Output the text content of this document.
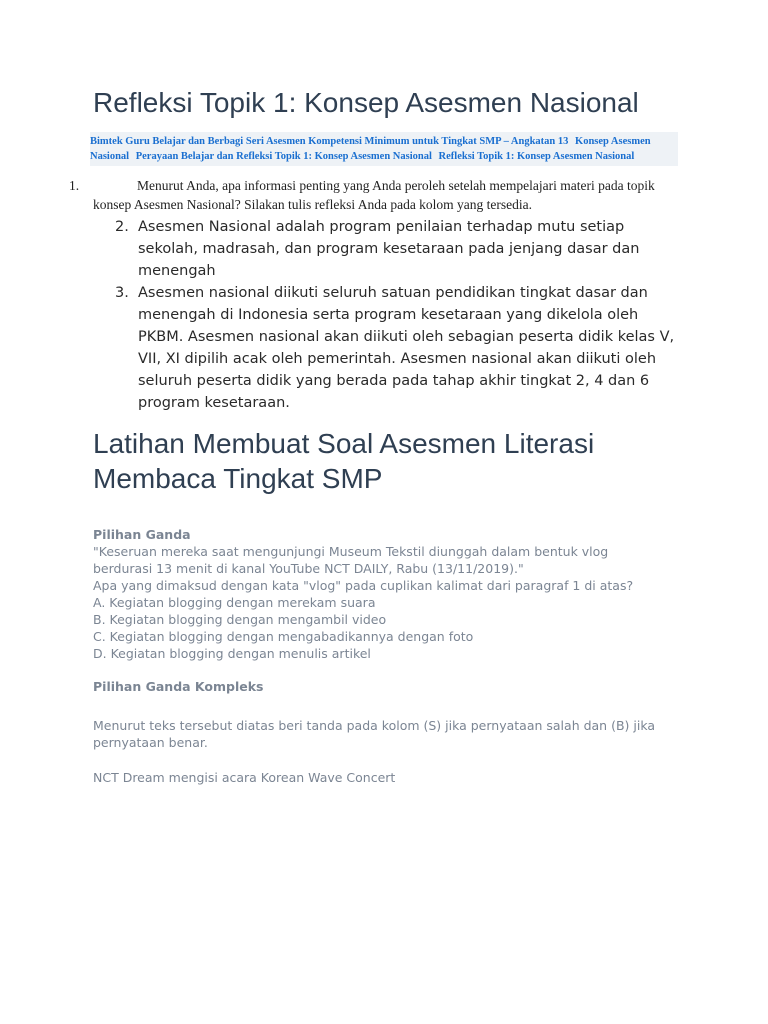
Refleksi Topik 1: Konsep Asesmen Nasional
Bimtek Guru Belajar dan Berbagi Seri Asesmen Kompetensi Minimum untuk Tingkat SMP – Angkatan 13 Konsep Asesmen Nasional Perayaan Belajar dan Refleksi Topik 1: Konsep Asesmen Nasional Refleksi Topik 1: Konsep Asesmen Nasional
1.	Menurut Anda, apa informasi penting yang Anda peroleh setelah mempelajari materi pada topik konsep Asesmen Nasional? Silakan tulis refleksi Anda pada kolom yang tersedia.

2. Asesmen Nasional adalah program penilaian terhadap mutu setiap sekolah, madrasah, dan program kesetaraan pada jenjang dasar dan menengah
3. Asesmen nasional diikuti seluruh satuan pendidikan tingkat dasar dan menengah di Indonesia serta program kesetaraan yang dikelola oleh PKBM. Asesmen nasional akan diikuti oleh sebagian peserta didik kelas V, VII, XI dipilih acak oleh pemerintah. Asesmen nasional akan diikuti oleh seluruh peserta didik yang berada pada tahap akhir tingkat 2, 4 dan 6 program kesetaraan.
Latihan Membuat Soal Asesmen Literasi Membaca Tingkat SMP
Pilihan Ganda
"Keseruan mereka saat mengunjungi Museum Tekstil diunggah dalam bentuk vlog berdurasi 13 menit di kanal YouTube NCT DAILY, Rabu (13/11/2019)."
Apa yang dimaksud dengan kata "vlog" pada cuplikan kalimat dari paragraf 1 di atas?
A. Kegiatan blogging dengan merekam suara
B. Kegiatan blogging dengan mengambil video
C. Kegiatan blogging dengan mengabadikannya dengan foto
D. Kegiatan blogging dengan menulis artikel
Pilihan Ganda Kompleks
Menurut teks tersebut diatas beri tanda pada kolom (S) jika pernyataan salah dan (B) jika pernyataan benar.
NCT Dream mengisi acara Korean Wave Concert
